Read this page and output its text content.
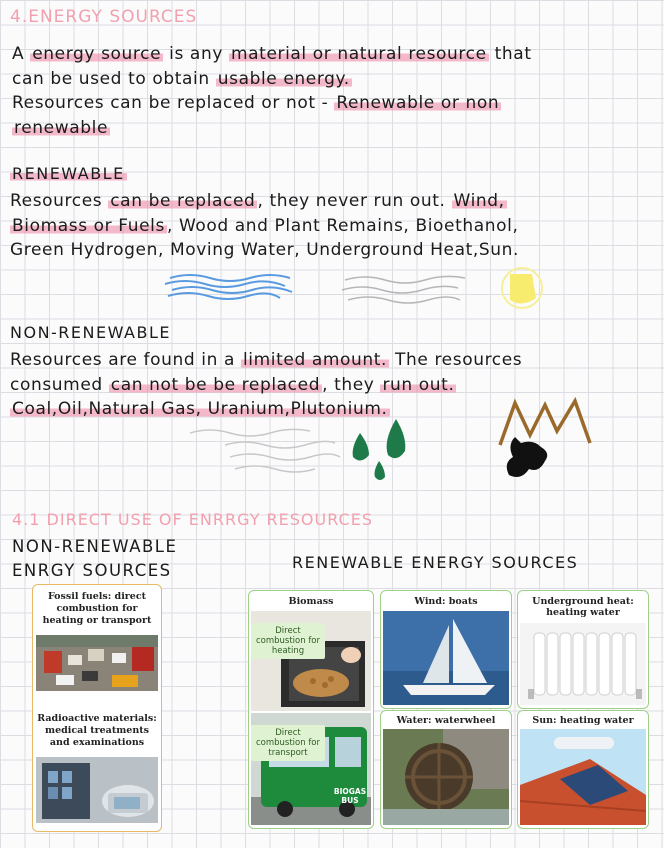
4.ENERGY SOURCES
A energy source is any material or natural resource that
can be used to obtain usable energy.
Resources can be replaced or not - Renewable or non
renewable
RENEWABLE
Resources can be replaced , they never run out. Wind,
Biomass or Fuels , Wood and Plant Remains, Bioethanol,
Green Hydrogen, Moving Water, Underground Heat,Sun.
NON-RENEWABLE
Resources are found in a limited amount. The resources
consumed can not be be replaced , they run out.
Coal,Oil,Natural Gas, Uranium,Plutonium.
4.1 DIRECT USE OF ENRRGY RESOURCES
NON-RENEWABLE
ENRGY SOURCES	RENEWABLE ENERGY SOURCES
Fossil fuels: direct combustion for heating or transport
Radioactive materials: medical treatments and examinations
Biomass
Direct combustion for heating
BIOGAS BUS
Direct combustion for transport
Wind: boats
Water: waterwheel
Underground heat: heating water
Sun: heating water
